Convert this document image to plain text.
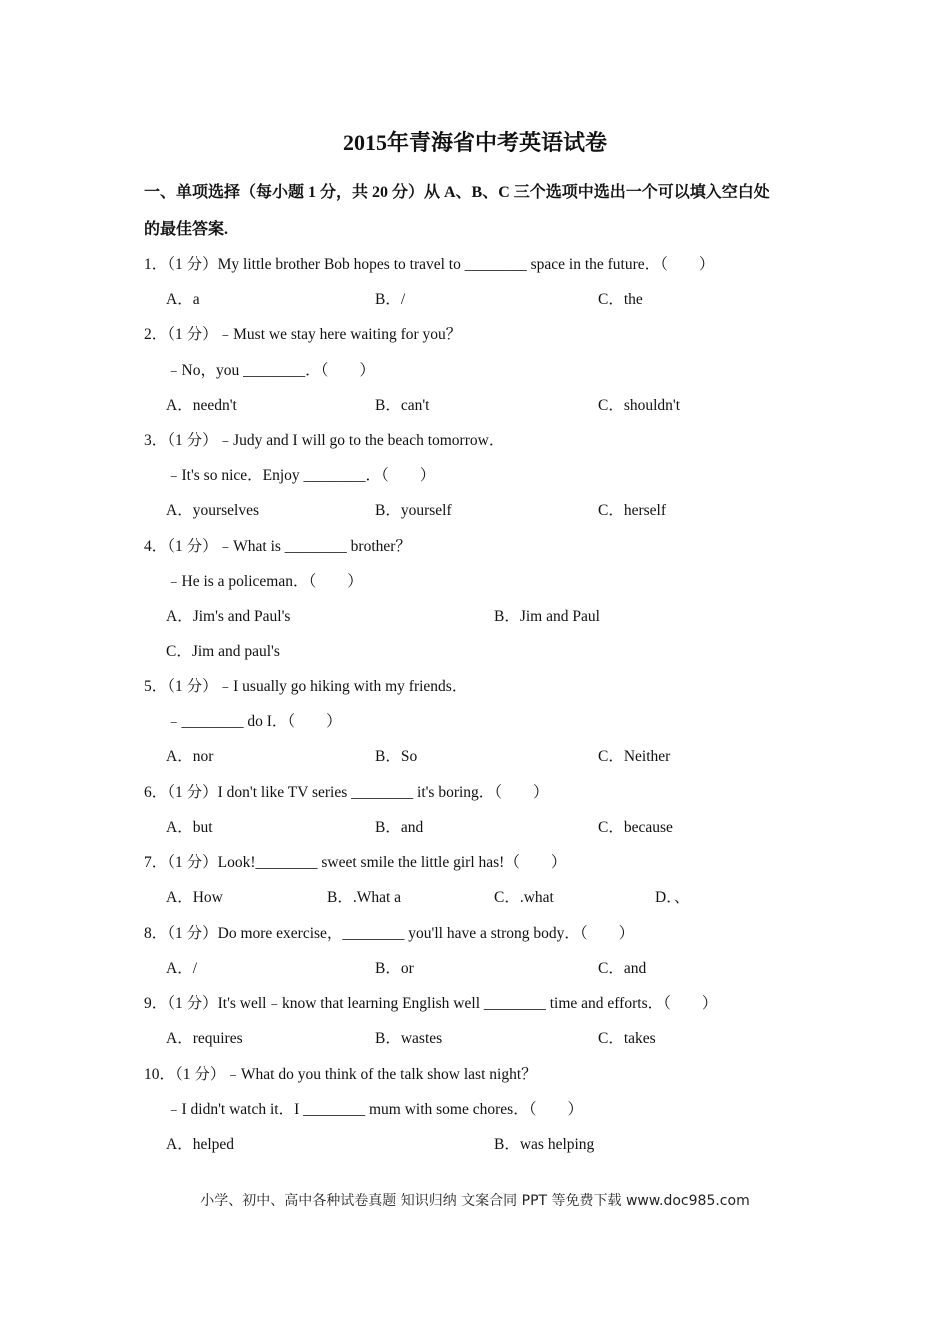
2015年青海省中考英语试卷
一、单项选择（每小题 1 分，共 20 分）从 A、B、C 三个选项中选出一个可以填入空白处
的最佳答案.
1．（1 分）My little brother Bob hopes to travel to ________ space in the future．（　　）
A．a	B．/	C．the
2．（1 分）﹣Must we stay here waiting for you？
﹣No，you ________．（　　）
A．needn't	B．can't	C．shouldn't
3．（1 分）﹣Judy and I will go to the beach tomorrow．
﹣It's so nice．Enjoy ________．（　　）
A．yourselves	B．yourself	C．herself
4．（1 分）﹣What is ________ brother？
﹣He is a policeman．（　　）
A．Jim's and Paul's	B．Jim and Paul
C．Jim and paul's
5．（1 分）﹣I usually go hiking with my friends．
﹣________ do I．（　　）
A．nor	B．So	C．Neither
6．（1 分）I don't like TV series ________ it's boring．（　　）
A．but	B．and	C．because
7．（1 分）Look!________ sweet smile the little girl has!（　　）
A．How	B．.What a	C．.what	D．、
8．（1 分）Do more exercise，________ you'll have a strong body．（　　）
A．/	B．or	C．and
9．（1 分）It's well﹣know that learning English well ________ time and efforts．（　　）
A．requires	B．wastes	C．takes
10．（1 分）﹣What do you think of the talk show last night？
﹣I didn't watch it．I ________ mum with some chores．（　　）
A．helped	B．was helping
小学、初中、高中各种试卷真题 知识归纳 文案合同 PPT 等免费下载 www.doc985.com
